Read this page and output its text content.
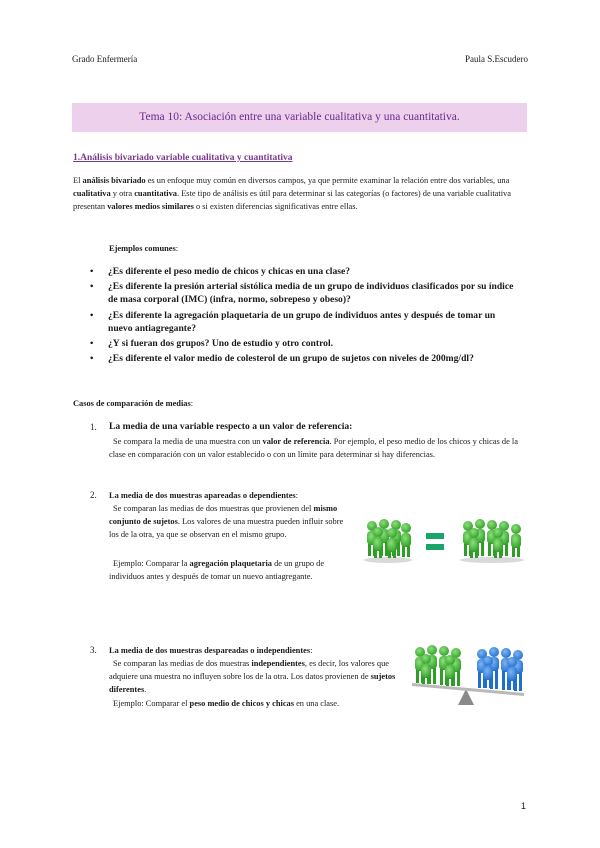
Grado Enfermería	Paula S.Escudero
Tema 10: Asociación entre una variable cualitativa y una cuantitativa.
1.Análisis bivariado variable cualitativa y cuantitativa
El análisis bivariado es un enfoque muy común en diversos campos, ya que permite examinar la relación entre dos variables, una cualitativa y otra cuantitativa. Este tipo de análisis es útil para determinar si las categorías (o factores) de una variable cualitativa presentan valores medios similares o si existen diferencias significativas entre ellas.
Ejemplos comunes:
• ¿Es diferente el peso medio de chicos y chicas en una clase?
• ¿Es diferente la presión arterial sistólica media de un grupo de individuos clasificados por su índice de masa corporal (IMC) (infra, normo, sobrepeso y obeso)?
• ¿Es diferente la agregación plaquetaria de un grupo de individuos antes y después de tomar un nuevo antiagregante?
• ¿Y si fueran dos grupos? Uno de estudio y otro control.
• ¿Es diferente el valor medio de colesterol de un grupo de sujetos con niveles de 200mg/dl?
Casos de comparación de medias:
1. La media de una variable respecto a un valor de referencia:
Se compara la media de una muestra con un valor de referencia. Por ejemplo, el peso medio de los chicos y chicas de la clase en comparación con un valor establecido o con un límite para determinar si hay diferencias.
2. La media de dos muestras apareadas o dependientes:
Se comparan las medias de dos muestras que provienen del mismo conjunto de sujetos. Los valores de una muestra pueden influir sobre los de la otra, ya que se observan en el mismo grupo.
Ejemplo: Comparar la agregación plaquetaria de un grupo de individuos antes y después de tomar un nuevo antiagregante.
3. La media de dos muestras despareadas o independientes:
Se comparan las medias de dos muestras independientes, es decir, los valores que adquiere una muestra no influyen sobre los de la otra. Los datos provienen de sujetos diferentes.
Ejemplo: Comparar el peso medio de chicos y chicas en una clase.
1
